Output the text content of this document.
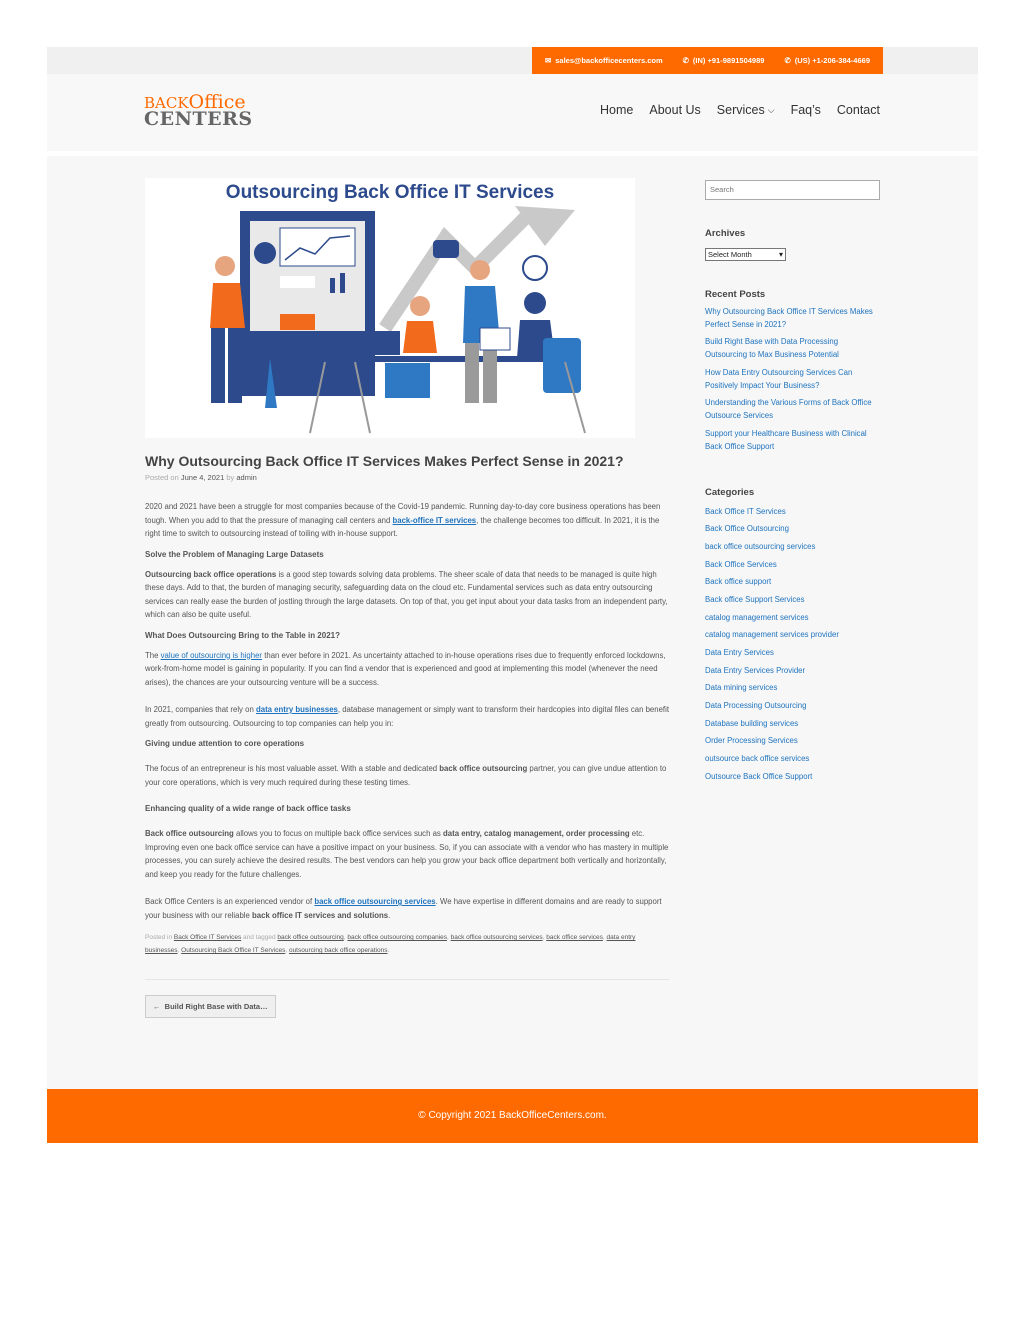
✉ sales@backofficecenters.com	✆ (IN) +91-9891504989	✆ (US) +1-206-384-4669
BACKOffice
CENTERS	Home About Us Services ⌵ Faq’s Contact
Outsourcing Back Office IT Services
Why Outsourcing Back Office IT Services Makes Perfect Sense in 2021?
Posted on June 4, 2021 by admin

2020 and 2021 have been a struggle for most companies because of the Covid-19 pandemic. Running day-to-day core business operations has been tough. When you add to that the pressure of managing call centers and back-office IT services, the challenge becomes too difficult. In 2021, it is the right time to switch to outsourcing instead of toiling with in-house support.

Solve the Problem of Managing Large Datasets

Outsourcing back office operations is a good step towards solving data problems. The sheer scale of data that needs to be managed is quite high these days. Add to that, the burden of managing security, safeguarding data on the cloud etc. Fundamental services such as data entry outsourcing services can really ease the burden of jostling through the large datasets. On top of that, you get input about your data tasks from an independent party, which can also be quite useful.

What Does Outsourcing Bring to the Table in 2021?

The value of outsourcing is higher than ever before in 2021. As uncertainty attached to in-house operations rises due to frequently enforced lockdowns, work-from-home model is gaining in popularity. If you can find a vendor that is experienced and good at implementing this model (whenever the need arises), the chances are your outsourcing venture will be a success.

In 2021, companies that rely on data entry businesses, database management or simply want to transform their hardcopies into digital files can benefit greatly from outsourcing. Outsourcing to top companies can help you in:

Giving undue attention to core operations

The focus of an entrepreneur is his most valuable asset. With a stable and dedicated back office outsourcing partner, you can give undue attention to your core operations, which is very much required during these testing times.

Enhancing quality of a wide range of back office tasks

Back office outsourcing allows you to focus on multiple back office services such as data entry, catalog management, order processing etc. Improving even one back office service can have a positive impact on your business. So, if you can associate with a vendor who has mastery in multiple processes, you can surely achieve the desired results. The best vendors can help you grow your back office department both vertically and horizontally, and keep you ready for the future challenges.

Back Office Centers is an experienced vendor of back office outsourcing services. We have expertise in different domains and are ready to support your business with our reliable back office IT services and solutions.

Posted in Back Office IT Services and tagged back office outsourcing, back office outsourcing companies, back office outsourcing services, back office services, data entry businesses, Outsourcing Back Office IT Services, outsourcing back office operations.
← Build Right Base with Data…
Search
Archives
Select Month	▾
Recent Posts
Why Outsourcing Back Office IT Services Makes Perfect Sense in 2021?
Build Right Base with Data Processing Outsourcing to Max Business Potential
How Data Entry Outsourcing Services Can Positively Impact Your Business?
Understanding the Various Forms of Back Office Outsource Services
Support your Healthcare Business with Clinical Back Office Support
Categories
Back Office IT Services
Back Office Outsourcing
back office outsourcing services
Back Office Services
Back office support
Back office Support Services
catalog management services
catalog management services provider
Data Entry Services
Data Entry Services Provider
Data mining services
Data Processing Outsourcing
Database building services
Order Processing Services
outsource back office services
Outsource Back Office Support
© Copyright 2021 BackOfficeCenters.com.
